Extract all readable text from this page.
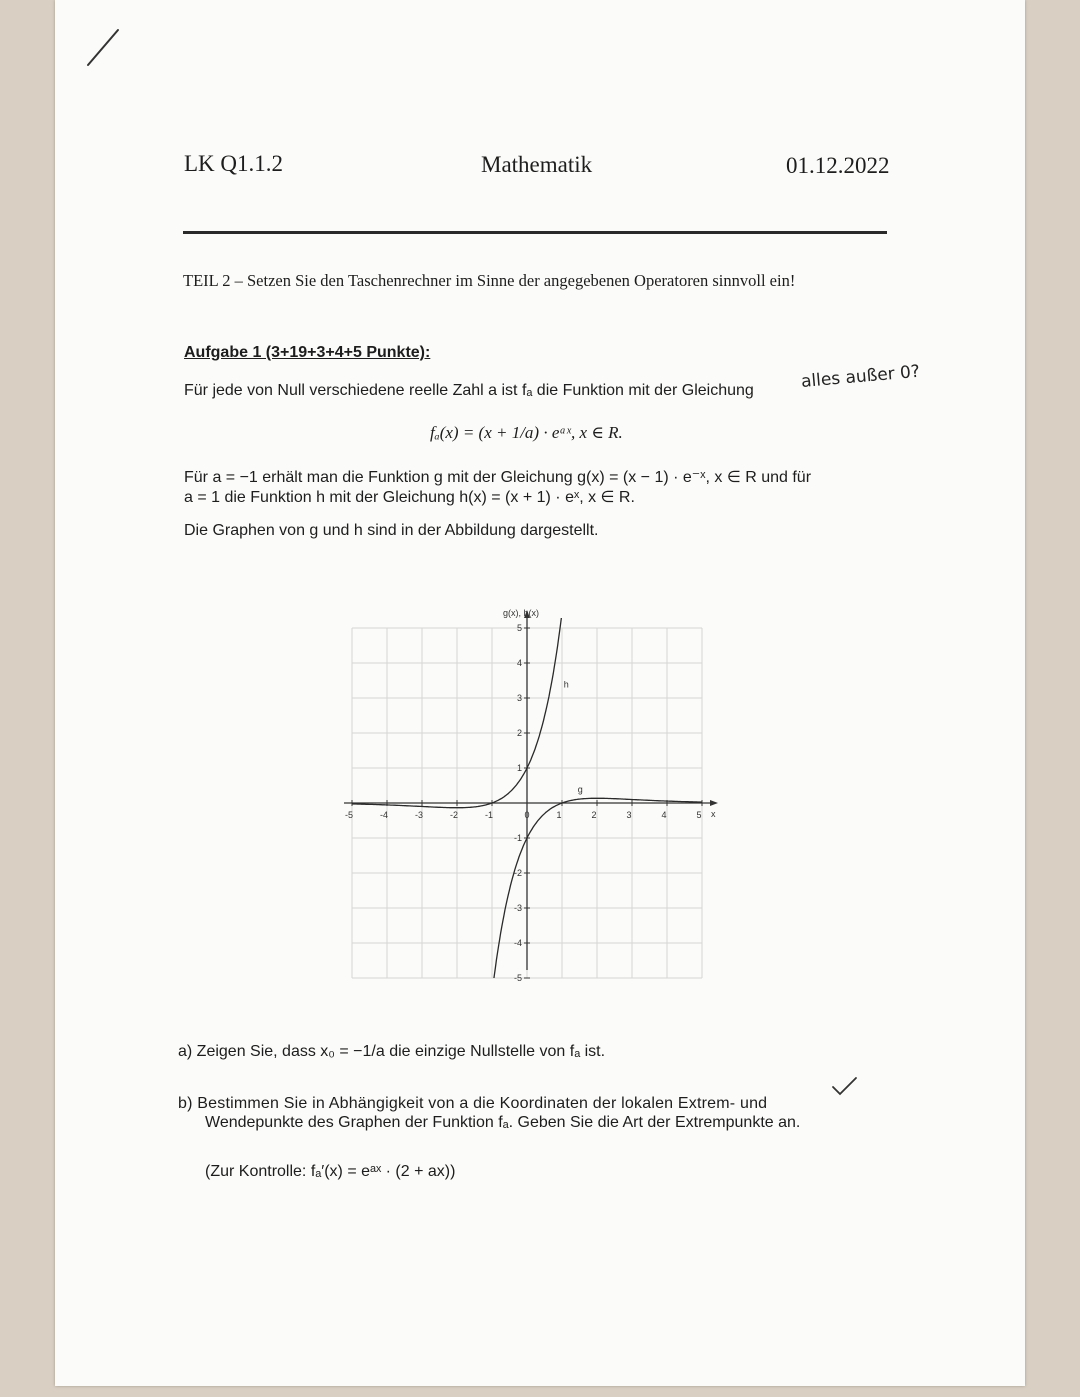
LK Q1.1.2	Mathematik	01.12.2022
TEIL 2 – Setzen Sie den Taschenrechner im Sinne der angegebenen Operatoren sinnvoll ein!
Aufgabe 1 (3+19+3+4+5 Punkte):
Für jede von Null verschiedene reelle Zahl a ist fₐ die Funktion mit der Gleichung	alles außer 0?
fₐ(x) = (x + 1/a) · eᵃˣ, x ∈ R.
Für a = −1 erhält man die Funktion g mit der Gleichung g(x) = (x − 1) · e⁻ˣ, x ∈ R und für
a = 1 die Funktion h mit der Gleichung h(x) = (x + 1) · eˣ, x ∈ R.
Die Graphen von g und h sind in der Abbildung dargestellt.
-5	-4	-3	-2	-1	0	1	2	3	4	5
5
4
3
2
1
-1
-2
-3
-4
-5
g(x), h(x)
x
h
g
a) Zeigen Sie, dass x₀ = −1/a die einzige Nullstelle von fₐ ist.
b) Bestimmen Sie in Abhängigkeit von a die Koordinaten der lokalen Extrem- und
Wendepunkte des Graphen der Funktion fₐ. Geben Sie die Art der Extrempunkte an.
(Zur Kontrolle: fₐ′(x) = eᵃˣ · (2 + ax))
